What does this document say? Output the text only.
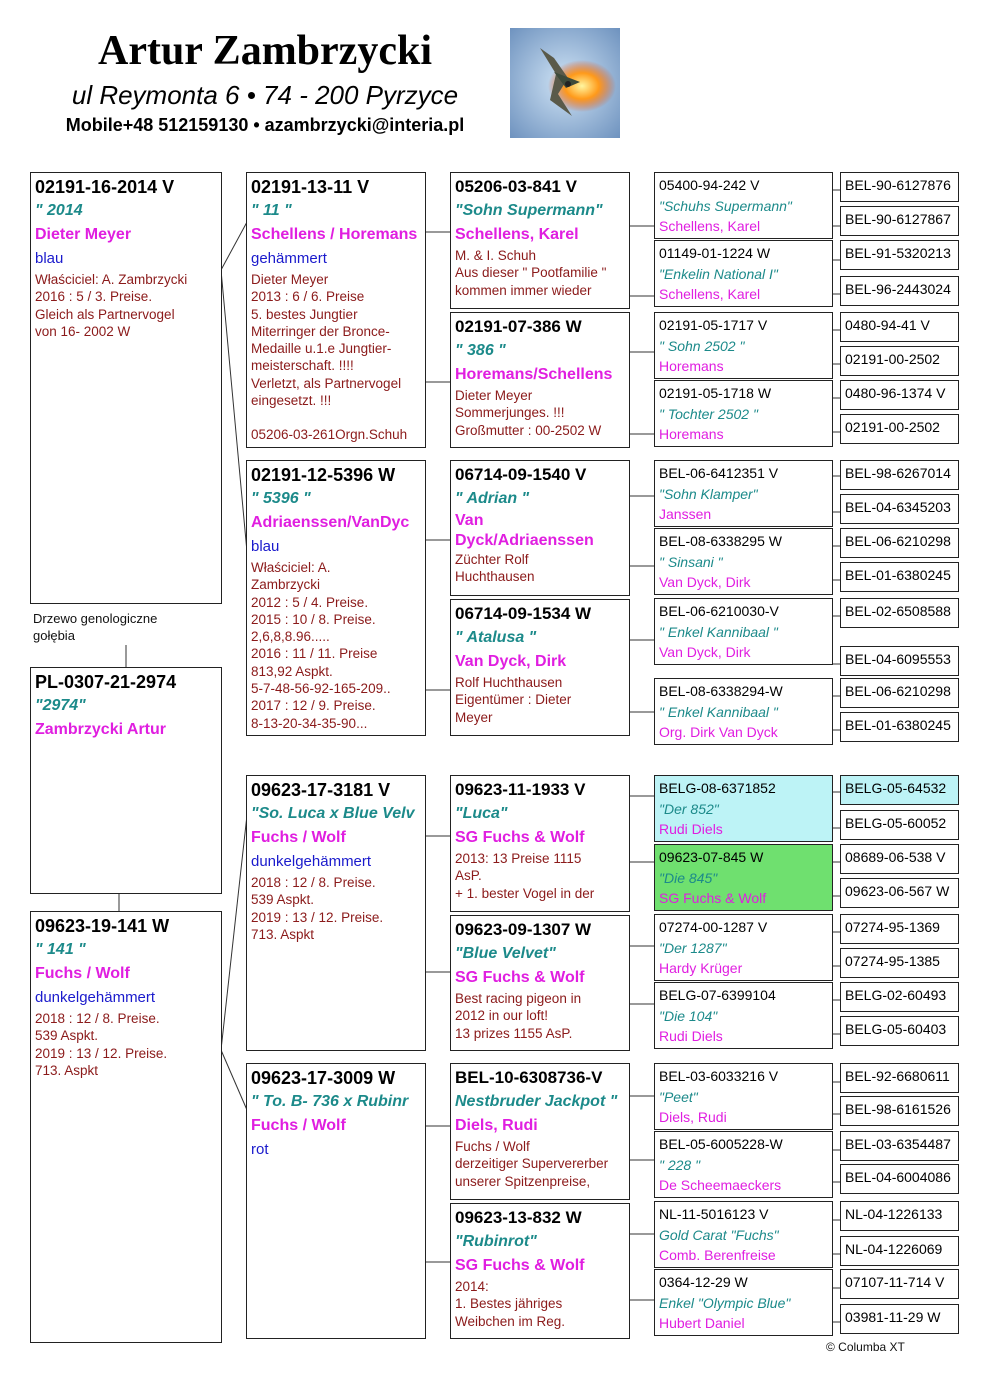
Artur Zambrzycki
ul Reymonta 6 • 74 - 200 Pyrzyce
Mobile+48 512159130 • azambrzycki@interia.pl
02191-16-2014 V
" 2014
Dieter Meyer
blau
Właściciel: A. Zambrzycki
2016 : 5 / 3. Preise.
Gleich als Partnervogel
von 16- 2002 W
Drzewo genologiczne gołębia
PL-0307-21-2974
"2974"
Zambrzycki Artur
09623-19-141 W
" 141 "
Fuchs / Wolf
dunkelgehämmert
2018 : 12 / 8. Preise.
539 Aspkt.
2019 : 13 / 12. Preise.
713. Aspkt
02191-13-11 V
" 11 "
Schellens / Horemans
gehämmert
Dieter Meyer
2013 : 6 / 6. Preise
5. bestes Jungtier
Miterringer der Bronce-
Medaille u.1.e Jungtier-
meisterschaft. !!!!
Verletzt, als Partnervogel
eingesetzt. !!!
05206-03-261Orgn.Schuh
02191-12-5396 W
" 5396 "
Adriaenssen/VanDyc
blau
Właściciel: A.
Zambrzycki
2012 : 5 / 4. Preise.
2015 : 10 / 8. Preise.
2,6,8,8.96.....
2016 : 11 / 11. Preise
813,92 Aspkt.
5-7-48-56-92-165-209..
2017 : 12 / 9. Preise.
8-13-20-34-35-90...
09623-17-3181 V
"So. Luca x Blue Velv
Fuchs / Wolf
dunkelgehämmert
2018 : 12 / 8. Preise.
539 Aspkt.
2019 : 13 / 12. Preise.
713. Aspkt
09623-17-3009 W
" To. B- 736 x Rubinr
Fuchs / Wolf
rot
05206-03-841 V
"Sohn Supermann"
Schellens, Karel
M. & I. Schuh
Aus dieser " Pootfamilie "
kommen immer wieder
02191-07-386 W
" 386 "
Horemans/Schellens
Dieter Meyer
Sommerjunges. !!!
Großmutter : 00-2502 W
06714-09-1540 V
" Adrian "
Van Dyck/Adriaenssen
Züchter Rolf
Huchthausen
06714-09-1534 W
" Atalusa "
Van Dyck, Dirk
Rolf Huchthausen
Eigentümer : Dieter
Meyer
09623-11-1933 V
"Luca"
SG Fuchs & Wolf
2013: 13 Preise 1115
AsP.
+ 1. bester Vogel in der
09623-09-1307 W
"Blue Velvet"
SG Fuchs & Wolf
Best racing pigeon in
2012 in our loft!
13 prizes 1155 AsP.
BEL-10-6308736-V
Nestbruder Jackpot "
Diels, Rudi
Fuchs / Wolf
derzeitiger Supervererber
unserer Spitzenpreise,
09623-13-832 W
"Rubinrot"
SG Fuchs & Wolf
2014:
1. Bestes jähriges
Weibchen im Reg.
05400-94-242 V
"Schuhs Supermann"
Schellens, Karel
01149-01-1224 W
"Enkelin National I"
Schellens, Karel
02191-05-1717 V
" Sohn 2502 "
Horemans
02191-05-1718 W
" Tochter 2502 "
Horemans
BEL-06-6412351 V
"Sohn Klamper"
Janssen
BEL-08-6338295 W
" Sinsani "
Van Dyck, Dirk
BEL-06-6210030-V
" Enkel Kannibaal "
Van Dyck, Dirk
BEL-08-6338294-W
" Enkel Kannibaal "
Org. Dirk Van Dyck
BELG-08-6371852
"Der 852"
Rudi Diels
09623-07-845 W
"Die 845"
SG Fuchs & Wolf
07274-00-1287 V
"Der 1287"
Hardy Krüger
BELG-07-6399104
"Die 104"
Rudi Diels
BEL-03-6033216 V
"Peet"
Diels, Rudi
BEL-05-6005228-W
" 228 "
De Scheemaeckers
NL-11-5016123 V
Gold Carat "Fuchs"
Comb. Berenfreise
0364-12-29 W
Enkel "Olympic Blue"
Hubert Daniel
BEL-90-6127876
BEL-90-6127867
BEL-91-5320213
BEL-96-2443024
0480-94-41 V
02191-00-2502
0480-96-1374 V
02191-00-2502
BEL-98-6267014
BEL-04-6345203
BEL-06-6210298
BEL-01-6380245
BEL-02-6508588
BEL-04-6095553
BEL-06-6210298
BEL-01-6380245
BELG-05-64532
BELG-05-60052
08689-06-538 V
09623-06-567 W
07274-95-1369
07274-95-1385
BELG-02-60493
BELG-05-60403
BEL-92-6680611
BEL-98-6161526
BEL-03-6354487
BEL-04-6004086
NL-04-1226133
NL-04-1226069
07107-11-714 V
03981-11-29 W
© Columba XT
